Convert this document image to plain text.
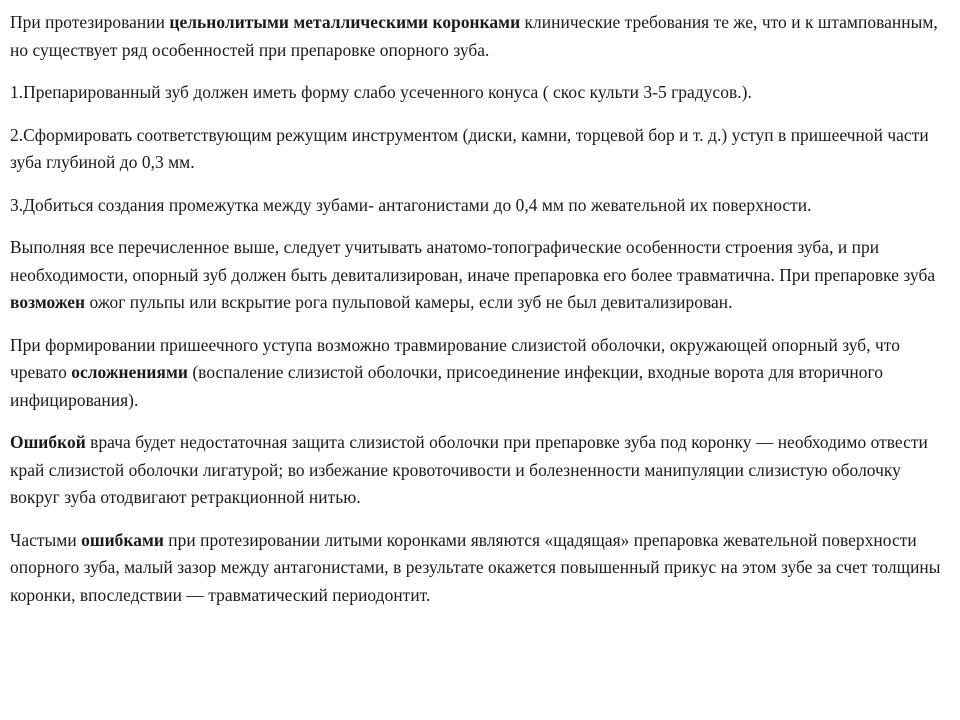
При протезировании цельнолитыми металлическими коронками клинические требования те же, что и к штампованным, но существует ряд особенностей при препаровке опорного зуба.

1.Препарированный зуб должен иметь форму слабо усеченного конуса ( скос культи 3-5 градусов.).

2.Сформировать соответствующим режущим инструментом (диски, камни, торцевой бор и т. д.) уступ в пришеечной части зуба глубиной до 0,3 мм.

3.Добиться создания промежутка между зубами- антагонистами до 0,4 мм по жевательной их поверхности.

Выполняя все перечисленное выше, следует учитывать анатомо-топографические особенности строения зуба, и при необходимости, опорный зуб должен быть девитализирован, иначе препаровка его более травматична. При препаровке зуба возможен ожог пульпы или вскрытие рога пульповой камеры, если зуб не был девитализирован.

При формировании пришеечного уступа возможно травмирование слизистой оболочки, окружающей опорный зуб, что чревато осложнениями (воспаление слизистой оболочки, присоединение инфекции, входные ворота для вторичного инфицирования).

Ошибкой врача будет недостаточная защита слизистой оболочки при препаровке зуба под коронку — необходимо отвести край слизистой оболочки лигатурой; во избежание кровоточивости и болезненности манипуляции слизистую оболочку вокруг зуба отодвигают ретракционной нитью.

Частыми ошибками при протезировании литыми коронками являются «щадящая» препаровка жевательной поверхности опорного зуба, малый зазор между антагонистами, в результате окажется повышенный прикус на этом зубе за счет толщины коронки, впоследствии — травматический периодонтит.
